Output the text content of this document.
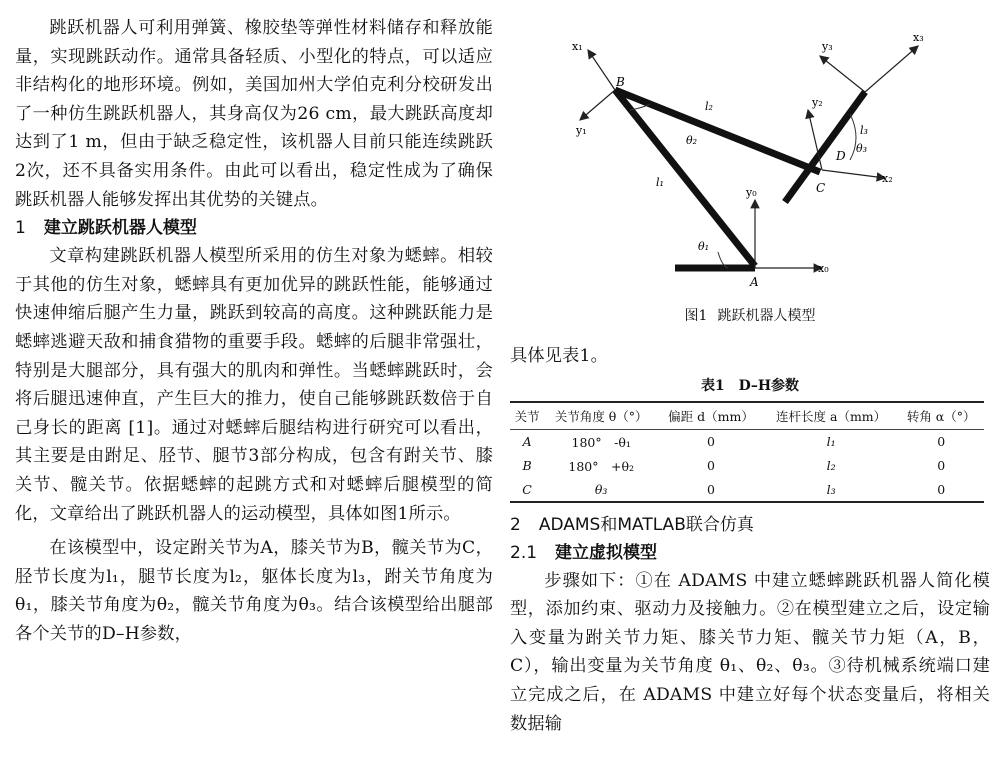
跳跃机器人可利用弹簧、橡胶垫等弹性材料储存和释放能量，实现跳跃动作。通常具备轻质、小型化的特点，可以适应非结构化的地形环境。例如，美国加州大学伯克利分校研发出了一种仿生跳跃机器人，其身高仅为26 cm，最大跳跃高度却达到了1 m，但由于缺乏稳定性，该机器人目前只能连续跳跃2次，还不具备实用条件。由此可以看出，稳定性成为了确保跳跃机器人能够发挥出其优势的关键点。

1 建立跳跃机器人模型

文章构建跳跃机器人模型所采用的仿生对象为蟋蟀。相较于其他的仿生对象，蟋蟀具有更加优异的跳跃性能，能够通过快速伸缩后腿产生力量，跳跃到较高的高度。这种跳跃能力是蟋蟀逃避天敌和捕食猎物的重要手段。蟋蟀的后腿非常强壮，特别是大腿部分，具有强大的肌肉和弹性。当蟋蟀跳跃时，会将后腿迅速伸直，产生巨大的推力，使自己能够跳跃数倍于自己身长的距离 [1]。通过对蟋蟀后腿结构进行研究可以看出，其主要是由跗足、胫节、腿节3部分构成，包含有跗关节、膝关节、髋关节。依据蟋蟀的起跳方式和对蟋蟀后腿模型的简化，文章给出了跳跃机器人的运动模型，具体如图1所示。

在该模型中，设定跗关节为A，膝关节为B，髋关节为C，胫节长度为l₁，腿节长度为l₂，躯体长度为l₃，跗关节角度为θ₁，膝关节角度为θ₂，髋关节角度为θ₃。结合该模型给出腿部各个关节的D–H参数，

x₀
y₀
x₁
y₁
x₂
y₂
x₃
y₃
A
B
C
D
l₁
l₂
l₃
θ₁
θ₂
θ₃
图1 跳跃机器人模型

具体见表1。

表1　D–H参数
关节	关节角度 θ（°）	偏距 d（mm）	连杆长度 a（mm）	转角 α（°）
A	180°　-θ₁	0	l₁	0
B	180°　+θ₂	0	l₂	0
C	θ₃	0	l₃	0

2 ADAMS和MATLAB联合仿真

2.1 建立虚拟模型

步骤如下：①在 ADAMS 中建立蟋蟀跳跃机器人简化模型，添加约束、驱动力及接触力。②在模型建立之后，设定输入变量为跗关节力矩、膝关节力矩、髋关节力矩（A，B，C），输出变量为关节角度 θ₁、θ₂、θ₃。③待机械系统端口建立完成之后，在 ADAMS 中建立好每个状态变量后，将相关数据输
